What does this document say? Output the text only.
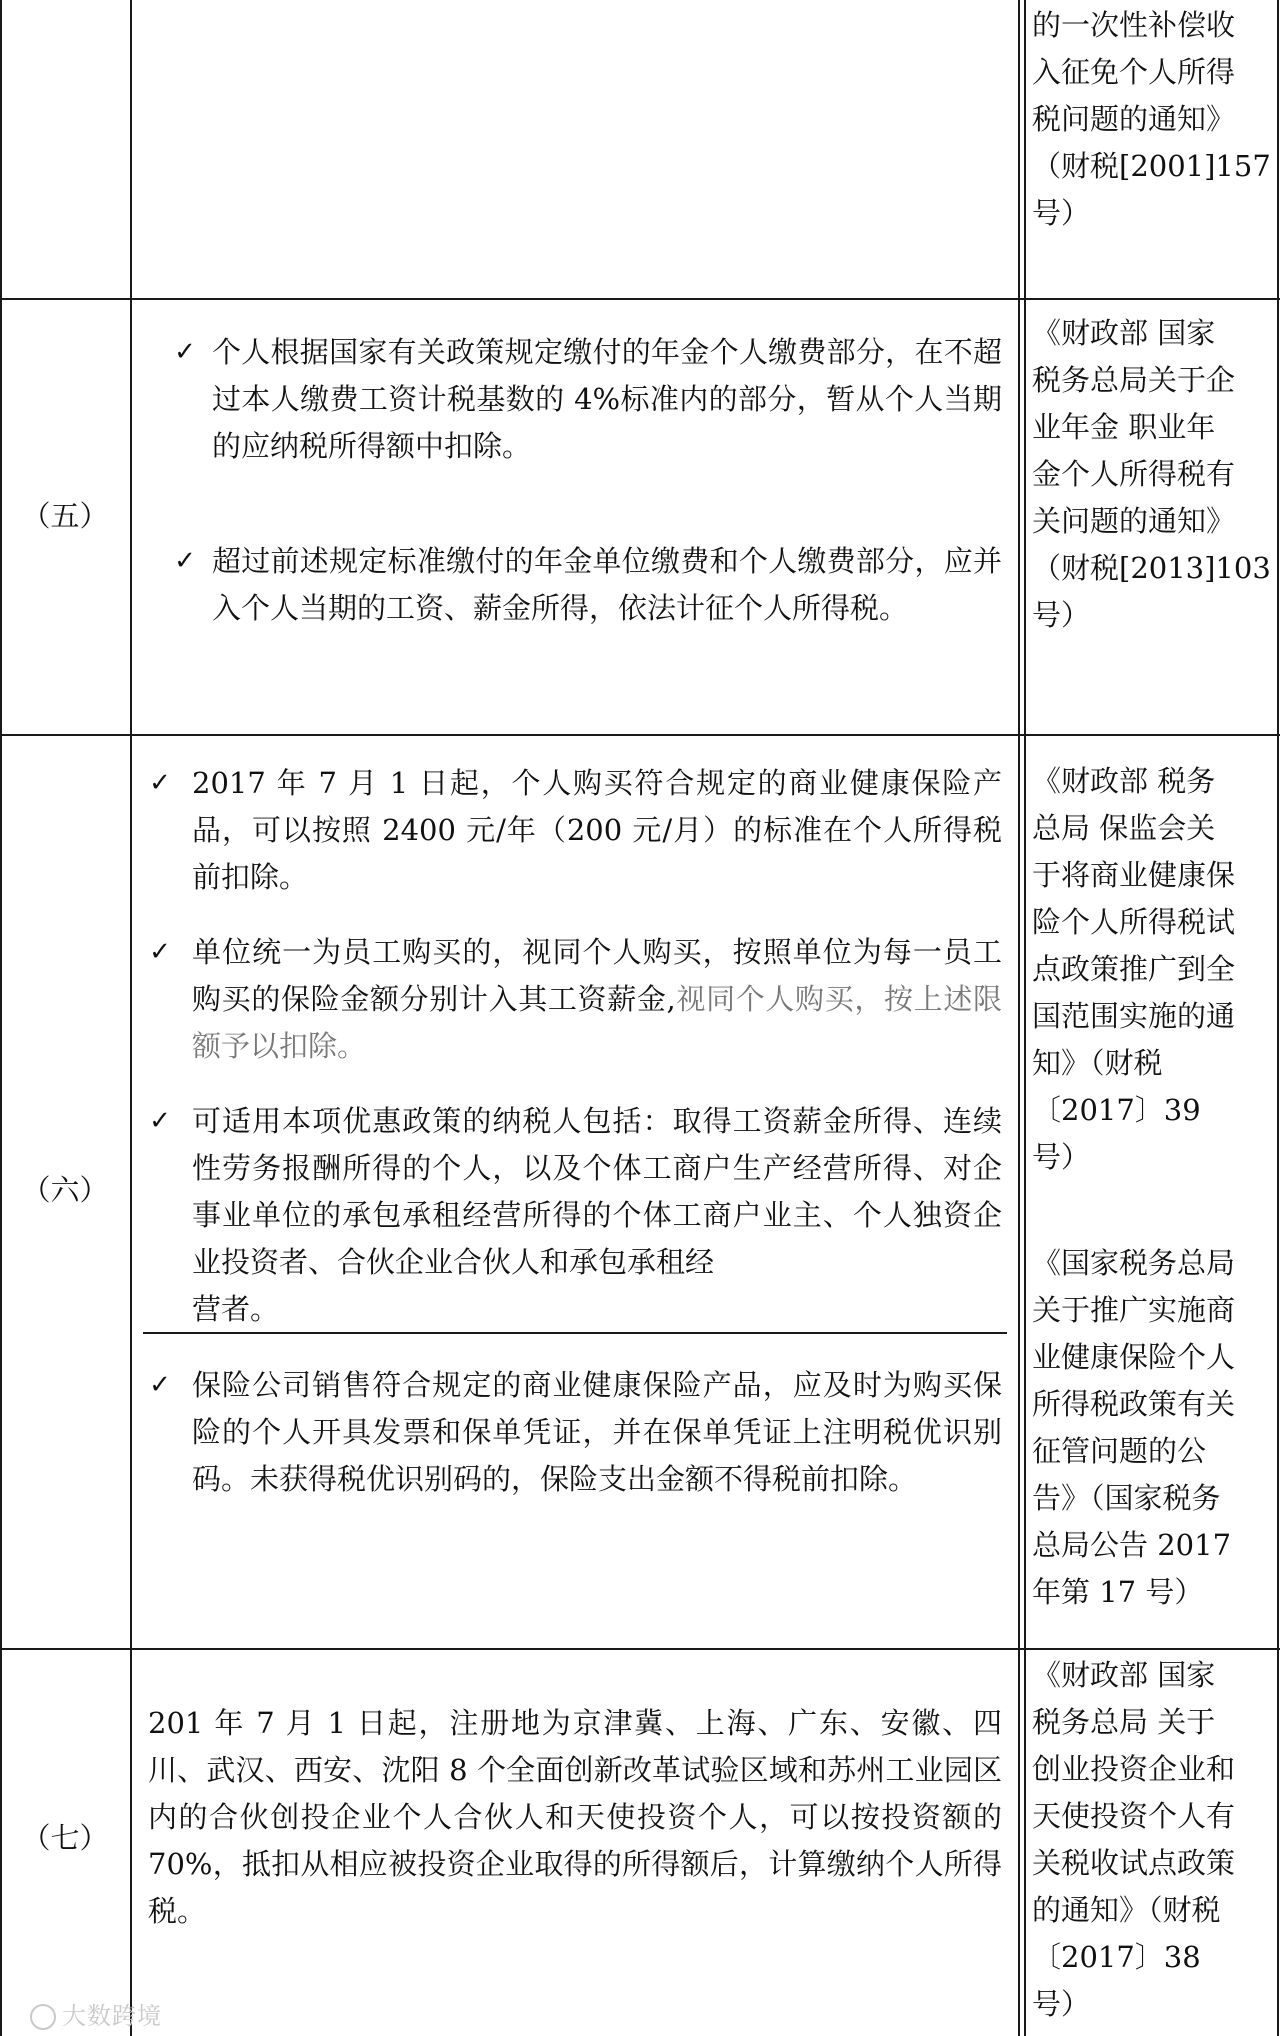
的一次性补偿收

入征免个人所得

税问题的通知》

（财税[2001]157

号）

（五）
✓ 个人根据国家有关政策规定缴付的年金个人缴费部分，在不超过本人缴费工资计税基数的 4%标准内的部分，暂从个人当期的应纳税所得额中扣除。

✓ 超过前述规定标准缴付的年金单位缴费和个人缴费部分，应并入个人当期的工资、薪金所得，依法计征个人所得税。

《财政部 国家

税务总局关于企

业年金 职业年

金个人所得税有

关问题的通知》

（财税[2013]103

号）

（六）
✓ 2017 年 7 月 1 日起，个人购买符合规定的商业健康保险产品，可以按照 2400 元/年（200 元/月）的标准在个人所得税前扣除。

✓ 单位统一为员工购买的，视同个人购买，按照单位为每一员工购买的保险金额分别计入其工资薪金,视同个人购买，按上述限额予以扣除。

✓ 可适用本项优惠政策的纳税人包括：取得工资薪金所得、连续性劳务报酬所得的个人，以及个体工商户生产经营所得、对企事业单位的承包承租经营所得的个体工商户业主、个人独资企业投资者、合伙企业合伙人和承包承租经

营者。

✓ 保险公司销售符合规定的商业健康保险产品，应及时为购买保险的个人开具发票和保单凭证，并在保单凭证上注明税优识别码。未获得税优识别码的，保险支出金额不得税前扣除。

《财政部 税务

总局 保监会关

于将商业健康保

险个人所得税试

点政策推广到全

国范围实施的通

知》（财税

〔2017〕39

号）

《国家税务总局

关于推广实施商

业健康保险个人

所得税政策有关

征管问题的公

告》（国家税务

总局公告 2017

年第 17 号）

（七）

201 年 7 月 1 日起，注册地为京津冀、上海、广东、安徽、四川、武汉、西安、沈阳 8 个全面创新改革试验区域和苏州工业园区内的合伙创投企业个人合伙人和天使投资个人，可以按投资额的 70%，抵扣从相应被投资企业取得的所得额后，计算缴纳个人所得税。

《财政部 国家

税务总局 关于

创业投资企业和

天使投资个人有

关税收试点政策

的通知》（财税

〔2017〕38

号）

大数跨境
